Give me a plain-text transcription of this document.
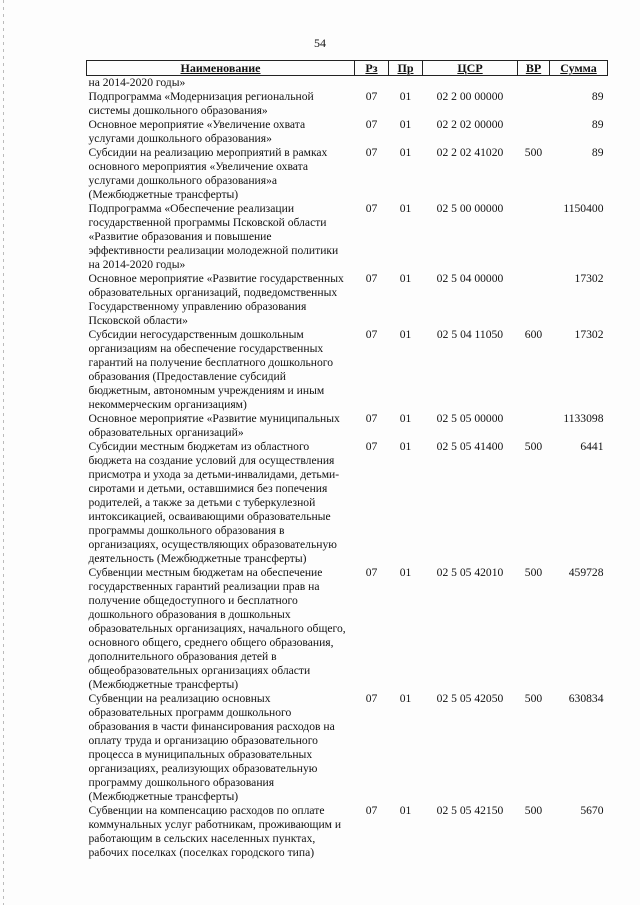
54
Наименование	Рз	Пр	ЦСР	ВР	Сумма
на 2014-2020 годы»					
Подпрограмма «Модернизация региональной системы дошкольного образования»	07	01	02 2 00 00000		89
Основное мероприятие «Увеличение охвата услугами дошкольного образования»	07	01	02 2 02 00000		89
Субсидии на реализацию мероприятий в рамках основного мероприятия «Увеличение охвата услугами дошкольного образования»а (Межбюджетные трансферты)	07	01	02 2 02 41020	500	89
Подпрограмма «Обеспечение реализации государственной программы Псковской области «Развитие образования и повышение эффективности реализации молодежной политики на 2014-2020 годы»	07	01	02 5 00 00000		1150400
Основное мероприятие «Развитие государственных образовательных организаций, подведомственных Государственному управлению образования Псковской области»	07	01	02 5 04 00000		17302
Субсидии негосударственным дошкольным организациям на обеспечение государственных гарантий на получение бесплатного дошкольного образования (Предоставление субсидий бюджетным, автономным учреждениям и иным некоммерческим организациям)	07	01	02 5 04 11050	600	17302
Основное мероприятие «Развитие муниципальных образовательных организаций»	07	01	02 5 05 00000		1133098
Субсидии местным бюджетам из областного бюджета на создание условий для осуществления присмотра и ухода за детьми-инвалидами, детьми-сиротами и детьми, оставшимися без попечения родителей, а также за детьми с туберкулезной интоксикацией, осваивающими образовательные программы дошкольного образования в организациях, осуществляющих образовательную деятельность (Межбюджетные трансферты)	07	01	02 5 05 41400	500	6441
Субвенции местным бюджетам на обеспечение государственных гарантий реализации прав на получение общедоступного и бесплатного дошкольного образования в дошкольных образовательных организациях, начального общего, основного общего, среднего общего образования, дополнительного образования детей в общеобразовательных организациях области (Межбюджетные трансферты)	07	01	02 5 05 42010	500	459728
Субвенции на реализацию основных образовательных программ дошкольного образования в части финансирования расходов на оплату труда и организацию образовательного процесса в муниципальных образовательных организациях, реализующих образовательную программу дошкольного образования (Межбюджетные трансферты)	07	01	02 5 05 42050	500	630834
Субвенции на компенсацию расходов по оплате коммунальных услуг работникам, проживающим и работающим в сельских населенных пунктах, рабочих поселках (поселках городского типа)	07	01	02 5 05 42150	500	5670
